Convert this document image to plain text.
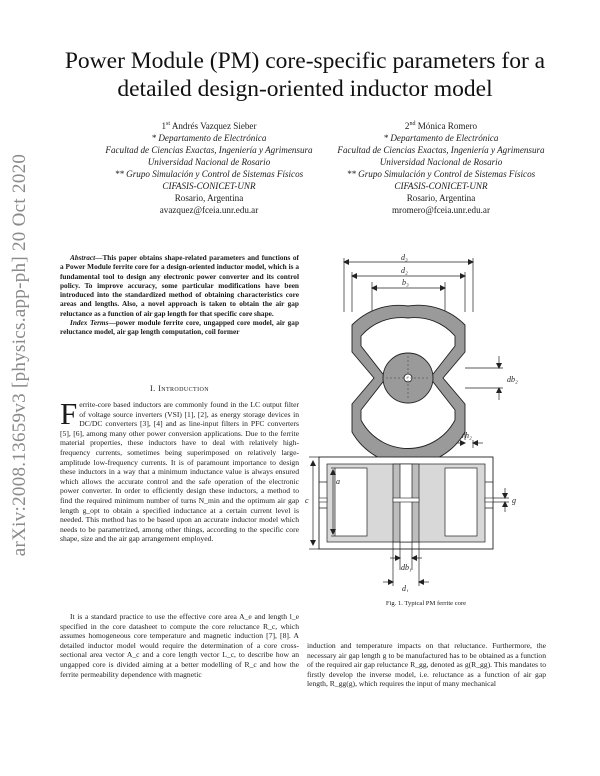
arXiv:2008.13659v3 [physics.app-ph] 20 Oct 2020
Power Module (PM) core-specific parameters for a
detailed design-oriented inductor model
1st Andrés Vazquez Sieber
* Departamento de Electrónica
Facultad de Ciencias Exactas, Ingeniería y Agrimensura
Universidad Nacional de Rosario
** Grupo Simulación y Control de Sistemas Físicos
CIFASIS-CONICET-UNR
Rosario, Argentina
avazquez@fceia.unr.edu.ar
2nd Mónica Romero
* Departamento de Electrónica
Facultad de Ciencias Exactas, Ingeniería y Agrimensura
Universidad Nacional de Rosario
** Grupo Simulación y Control de Sistemas Físicos
CIFASIS-CONICET-UNR
Rosario, Argentina
mromero@fceia.unr.edu.ar

Abstract—This paper obtains shape-related parameters and functions of a Power Module ferrite core for a design-oriented inductor model, which is a fundamental tool to design any electronic power converter and its control policy. To improve accuracy, some particular modifications have been introduced into the standardized method of obtaining characteristics core areas and lengths. Also, a novel approach is taken to obtain the air gap reluctance as a function of air gap length for that specific core shape.

Index Terms—power module ferrite core, ungapped core model, air gap reluctance model, air gap length computation, coil former

I. Introduction
Ferrite-core based inductors are commonly found in the LC output filter of voltage source inverters (VSI) [1], [2], as energy storage devices in DC/DC converters [3], [4] and as line-input filters in PFC converters [5], [6], among many other power conversion applications. Due to the ferrite material properties, these inductors have to deal with relatively high-frequency currents, sometimes being superimposed on relatively large-amplitude low-frequency currents. It is of paramount importance to design these inductors in a way that a minimum inductance value is always ensured which allows the accurate control and the safe operation of the electronic power converter. In order to efficiently design these inductors, a method to find the required minimum number of turns N_min and the optimum air gap length g_opt to obtain a specified inductance at a certain current level is needed. This method has to be based upon an accurate inductor model which needs to be parametrized, among other things, according to the specific core shape, size and the air gap arrangement employed.
It is a standard practice to use the effective core area A_e and length l_e specified in the core datasheet to compute the core reluctance R_c, which assumes homogeneous core temperature and magnetic induction [7], [8]. A detailed inductor model would require the determination of a core cross-sectional area vector A_c and a core length vector L_c, to describe how an ungapped core is divided aiming at a better modelling of R_c and how the ferrite permeability dependence with magnetic
d₃
d₂
b₃
db₂
rh₂
c
a
g
db₁
d₁
Fig. 1. Typical PM ferrite core
induction and temperature impacts on that reluctance. Furthermore, the necessary air gap length g to be manufactured has to be obtained as a function of the required air gap reluctance R_gg, denoted as g(R_gg). This mandates to firstly develop the inverse model, i.e. reluctance as a function of air gap length, R_gg(g), which requires the input of many mechanical
